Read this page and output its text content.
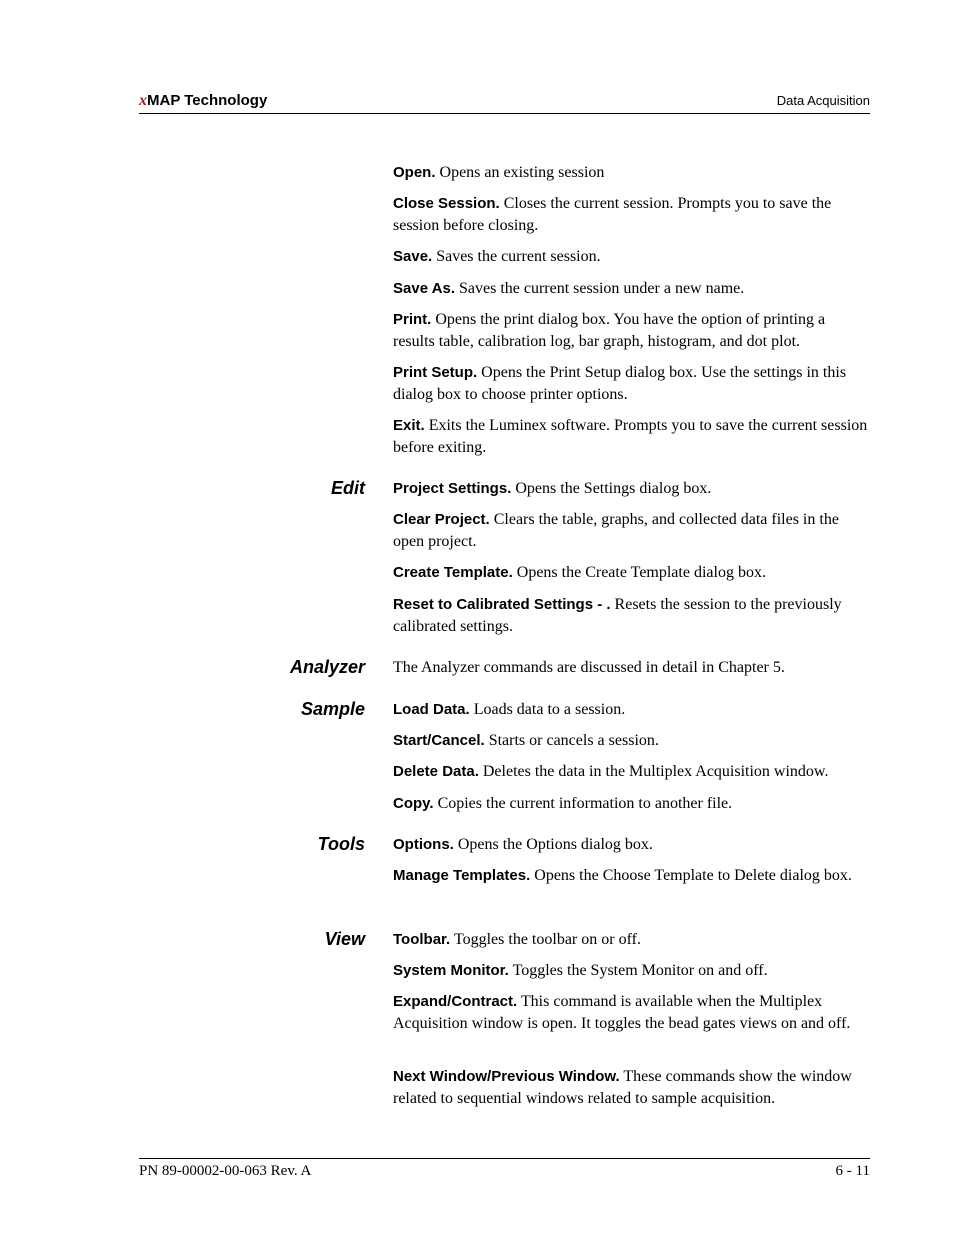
xMAP Technology	Data Acquisition
Open. Opens an existing session
Close Session. Closes the current session. Prompts you to save the session before closing.
Save. Saves the current session.
Save As. Saves the current session under a new name.
Print. Opens the print dialog box. You have the option of printing a results table, calibration log, bar graph, histogram, and dot plot.
Print Setup. Opens the Print Setup dialog box. Use the settings in this dialog box to choose printer options.
Exit. Exits the Luminex software. Prompts you to save the current session before exiting.
Edit Project Settings. Opens the Settings dialog box.
Clear Project. Clears the table, graphs, and collected data files in the open project.
Create Template. Opens the Create Template dialog box.
Reset to Calibrated Settings - . Resets the session to the previously calibrated settings.
Analyzer The Analyzer commands are discussed in detail in Chapter 5.
Sample Load Data. Loads data to a session.
Start/Cancel. Starts or cancels a session.
Delete Data. Deletes the data in the Multiplex Acquisition window.
Copy. Copies the current information to another file.
Tools Options. Opens the Options dialog box.
Manage Templates. Opens the Choose Template to Delete dialog box.
View Toolbar. Toggles the toolbar on or off.
System Monitor. Toggles the System Monitor on and off.
Expand/Contract. This command is available when the Multiplex Acquisition window is open. It toggles the bead gates views on and off.
Next Window/Previous Window. These commands show the window related to sequential windows related to sample acquisition.
PN 89-00002-00-063 Rev. A	6 - 11
